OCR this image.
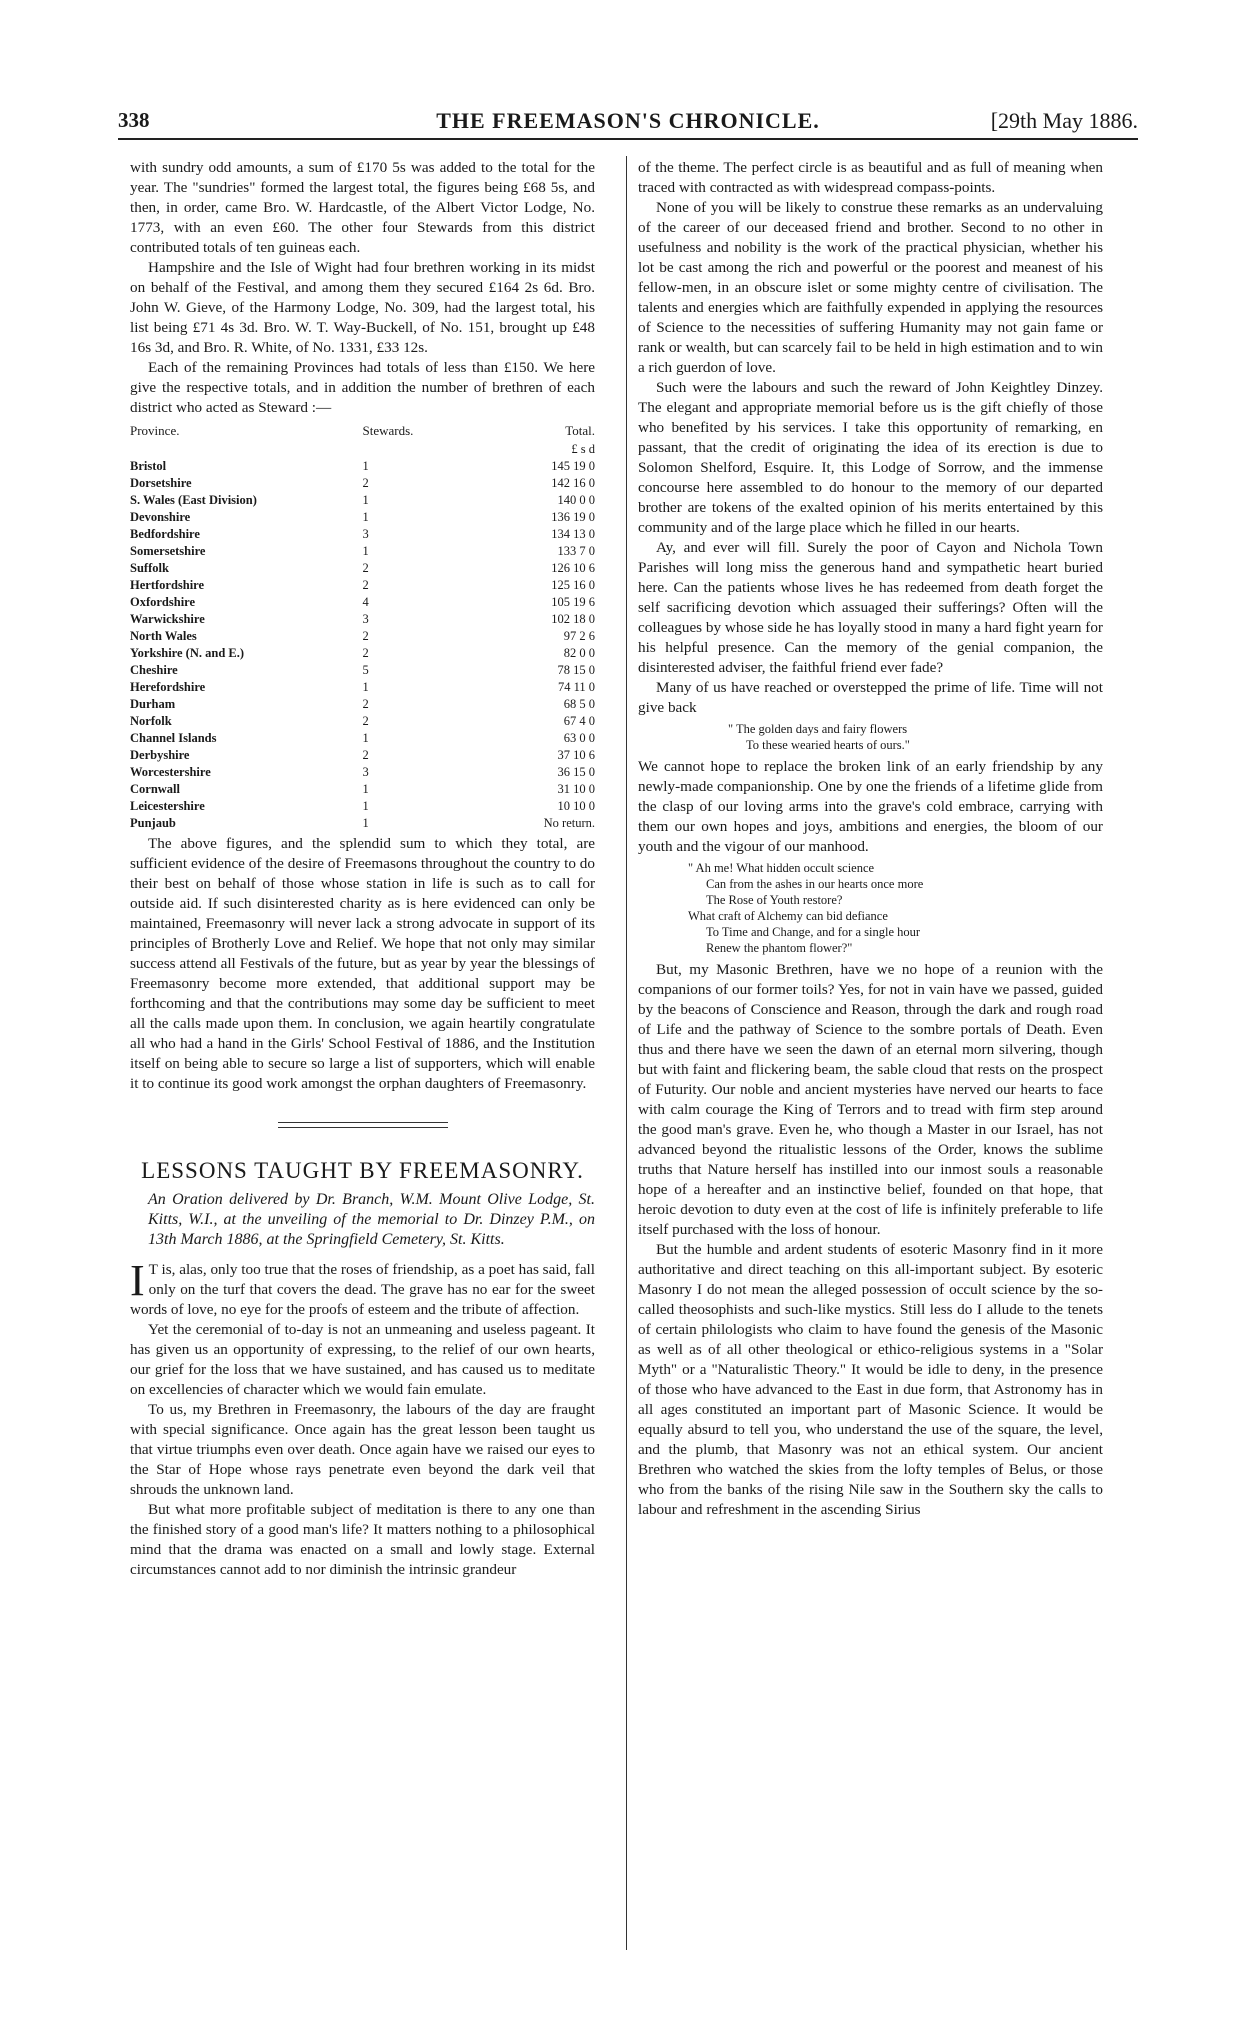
338	THE FREEMASON'S CHRONICLE.	[29th May 1886.

with sundry odd amounts, a sum of £170 5s was added to the total for the year. The "sundries" formed the largest total, the figures being £68 5s, and then, in order, came Bro. W. Hardcastle, of the Albert Victor Lodge, No. 1773, with an even £60. The other four Stewards from this district contributed totals of ten guineas each.

Hampshire and the Isle of Wight had four brethren working in its midst on behalf of the Festival, and among them they secured £164 2s 6d. Bro. John W. Gieve, of the Harmony Lodge, No. 309, had the largest total, his list being £71 4s 3d. Bro. W. T. Way-Buckell, of No. 151, brought up £48 16s 3d, and Bro. R. White, of No. 1331, £33 12s.

Each of the remaining Provinces had totals of less than £150. We here give the respective totals, and in addition the number of brethren of each district who acted as Steward :—

Province.	Stewards.	Total.
		£ s d
Bristol	1	145 19 0
Dorsetshire	2	142 16 0
S. Wales (East Division)	1	140 0 0
Devonshire	1	136 19 0
Bedfordshire	3	134 13 0
Somersetshire	1	133 7 0
Suffolk	2	126 10 6
Hertfordshire	2	125 16 0
Oxfordshire	4	105 19 6
Warwickshire	3	102 18 0
North Wales	2	97 2 6
Yorkshire (N. and E.)	2	82 0 0
Cheshire	5	78 15 0
Herefordshire	1	74 11 0
Durham	2	68 5 0
Norfolk	2	67 4 0
Channel Islands	1	63 0 0
Derbyshire	2	37 10 6
Worcestershire	3	36 15 0
Cornwall	1	31 10 0
Leicestershire	1	10 10 0
Punjaub	1	No return.

The above figures, and the splendid sum to which they total, are sufficient evidence of the desire of Freemasons throughout the country to do their best on behalf of those whose station in life is such as to call for outside aid. If such disinterested charity as is here evidenced can only be maintained, Freemasonry will never lack a strong advocate in support of its principles of Brotherly Love and Relief. We hope that not only may similar success attend all Festivals of the future, but as year by year the blessings of Freemasonry become more extended, that additional support may be forthcoming and that the contributions may some day be sufficient to meet all the calls made upon them. In conclusion, we again heartily congratulate all who had a hand in the Girls' School Festival of 1886, and the Institution itself on being able to secure so large a list of supporters, which will enable it to continue its good work amongst the orphan daughters of Freemasonry.

LESSONS TAUGHT BY FREEMASONRY.
An Oration delivered by Dr. Branch, W.M. Mount Olive Lodge, St. Kitts, W.I., at the unveiling of the memorial to Dr. Dinzey P.M., on 13th March 1886, at the Springfield Cemetery, St. Kitts.

I T is, alas, only too true that the roses of friendship, as a poet has said, fall only on the turf that covers the dead. The grave has no ear for the sweet words of love, no eye for the proofs of esteem and the tribute of affection.

Yet the ceremonial of to-day is not an unmeaning and useless pageant. It has given us an opportunity of expressing, to the relief of our own hearts, our grief for the loss that we have sustained, and has caused us to meditate on excellencies of character which we would fain emulate.

To us, my Brethren in Freemasonry, the labours of the day are fraught with special significance. Once again has the great lesson been taught us that virtue triumphs even over death. Once again have we raised our eyes to the Star of Hope whose rays penetrate even beyond the dark veil that shrouds the unknown land.

But what more profitable subject of meditation is there to any one than the finished story of a good man's life? It matters nothing to a philosophical mind that the drama was enacted on a small and lowly stage. External circumstances cannot add to nor diminish the intrinsic grandeur

of the theme. The perfect circle is as beautiful and as full of meaning when traced with contracted as with widespread compass-points.

None of you will be likely to construe these remarks as an undervaluing of the career of our deceased friend and brother. Second to no other in usefulness and nobility is the work of the practical physician, whether his lot be cast among the rich and powerful or the poorest and meanest of his fellow-men, in an obscure islet or some mighty centre of civilisation. The talents and energies which are faithfully expended in applying the resources of Science to the necessities of suffering Humanity may not gain fame or rank or wealth, but can scarcely fail to be held in high estimation and to win a rich guerdon of love.

Such were the labours and such the reward of John Keightley Dinzey. The elegant and appropriate memorial before us is the gift chiefly of those who benefited by his services. I take this opportunity of remarking, en passant, that the credit of originating the idea of its erection is due to Solomon Shelford, Esquire. It, this Lodge of Sorrow, and the immense concourse here assembled to do honour to the memory of our departed brother are tokens of the exalted opinion of his merits entertained by this community and of the large place which he filled in our hearts.

Ay, and ever will fill. Surely the poor of Cayon and Nichola Town Parishes will long miss the generous hand and sympathetic heart buried here. Can the patients whose lives he has redeemed from death forget the self sacrificing devotion which assuaged their sufferings? Often will the colleagues by whose side he has loyally stood in many a hard fight yearn for his helpful presence. Can the memory of the genial companion, the disinterested adviser, the faithful friend ever fade?

Many of us have reached or overstepped the prime of life. Time will not give back

" The golden days and fairy flowers
To these wearied hearts of ours."

We cannot hope to replace the broken link of an early friendship by any newly-made companionship. One by one the friends of a lifetime glide from the clasp of our loving arms into the grave's cold embrace, carrying with them our own hopes and joys, ambitions and energies, the bloom of our youth and the vigour of our manhood.

" Ah me! What hidden occult science
Can from the ashes in our hearts once more
The Rose of Youth restore?
What craft of Alchemy can bid defiance
To Time and Change, and for a single hour
Renew the phantom flower?"

But, my Masonic Brethren, have we no hope of a reunion with the companions of our former toils? Yes, for not in vain have we passed, guided by the beacons of Conscience and Reason, through the dark and rough road of Life and the pathway of Science to the sombre portals of Death. Even thus and there have we seen the dawn of an eternal morn silvering, though but with faint and flickering beam, the sable cloud that rests on the prospect of Futurity. Our noble and ancient mysteries have nerved our hearts to face with calm courage the King of Terrors and to tread with firm step around the good man's grave. Even he, who though a Master in our Israel, has not advanced beyond the ritualistic lessons of the Order, knows the sublime truths that Nature herself has instilled into our inmost souls a reasonable hope of a hereafter and an instinctive belief, founded on that hope, that heroic devotion to duty even at the cost of life is infinitely preferable to life itself purchased with the loss of honour.

But the humble and ardent students of esoteric Masonry find in it more authoritative and direct teaching on this all-important subject. By esoteric Masonry I do not mean the alleged possession of occult science by the so-called theosophists and such-like mystics. Still less do I allude to the tenets of certain philologists who claim to have found the genesis of the Masonic as well as of all other theological or ethico-religious systems in a "Solar Myth" or a "Naturalistic Theory." It would be idle to deny, in the presence of those who have advanced to the East in due form, that Astronomy has in all ages constituted an important part of Masonic Science. It would be equally absurd to tell you, who understand the use of the square, the level, and the plumb, that Masonry was not an ethical system. Our ancient Brethren who watched the skies from the lofty temples of Belus, or those who from the banks of the rising Nile saw in the Southern sky the calls to labour and refreshment in the ascending Sirius
